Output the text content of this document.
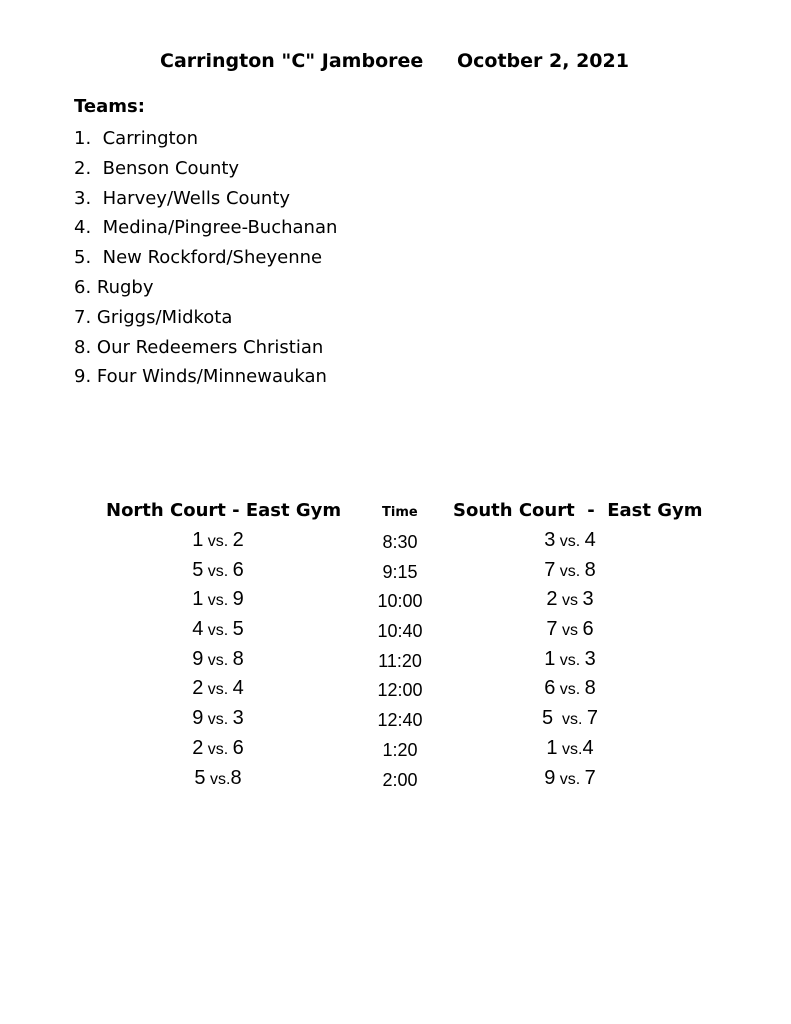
Carrington "C" Jamboree Ocotber 2, 2021
Teams:
1.  Carrington
2.  Benson County
3.  Harvey/Wells County
4.  Medina/Pingree-Buchanan
5.  New Rockford/Sheyenne
6. Rugby
7. Griggs/Midkota
8. Our Redeemers Christian
9. Four Winds/Minnewaukan
North Court - East Gym	Time South Court  -  East Gym
1 vs. 2	8:30	3 vs. 4
5 vs. 6	9:15	7 vs. 8
1 vs. 9	10:00	2 vs 3
4 vs. 5	10:40	7 vs 6
9 vs. 8	11:20	1 vs. 3
2 vs. 4	12:00	6 vs. 8
9 vs. 3	12:40	5  vs. 7
2 vs. 6	1:20	1 vs.4
5 vs.8	2:00	9 vs. 7
